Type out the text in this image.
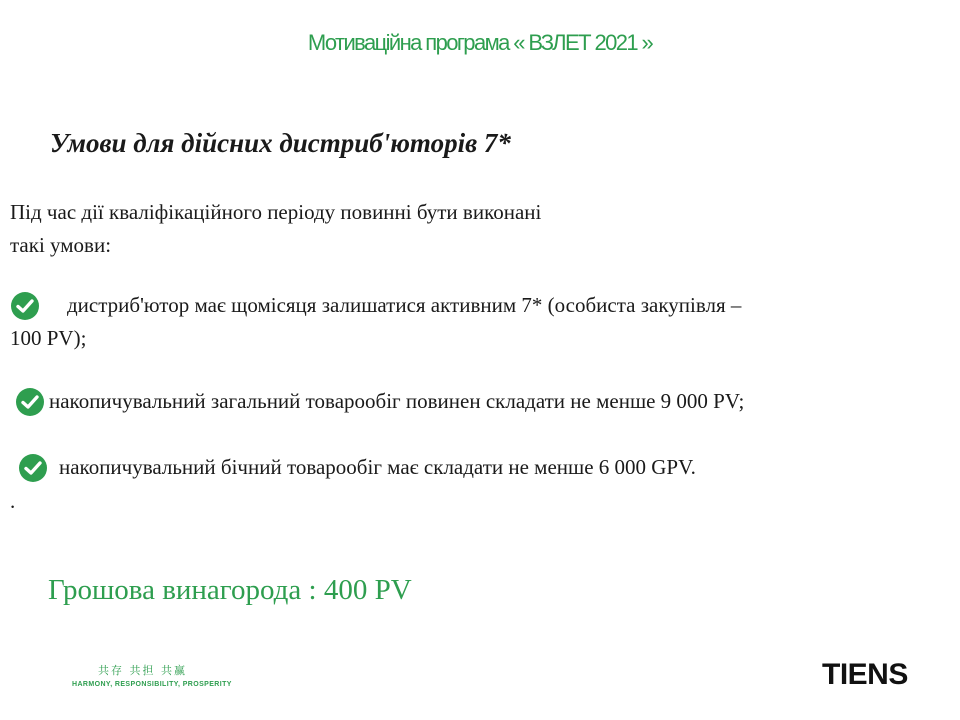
Мотиваційна програма « ВЗЛЕТ 2021 »
Умови для дійсних дистриб'юторів 7*
Під час дії кваліфікаційного періоду повинні бути виконані
такі умови:
дистриб'ютор має щомісяця залишатися активним 7* (особиста закупівля –
100 PV);
накопичувальний загальний товарообіг повинен складати не менше 9 000 PV;
накопичувальний бічний товарообіг має складати не менше 6 000 GPV.
.
Грошова винагорода : 400 PV
共存 共担 共赢
HARMONY, RESPONSIBILITY, PROSPERITY	TIENS
